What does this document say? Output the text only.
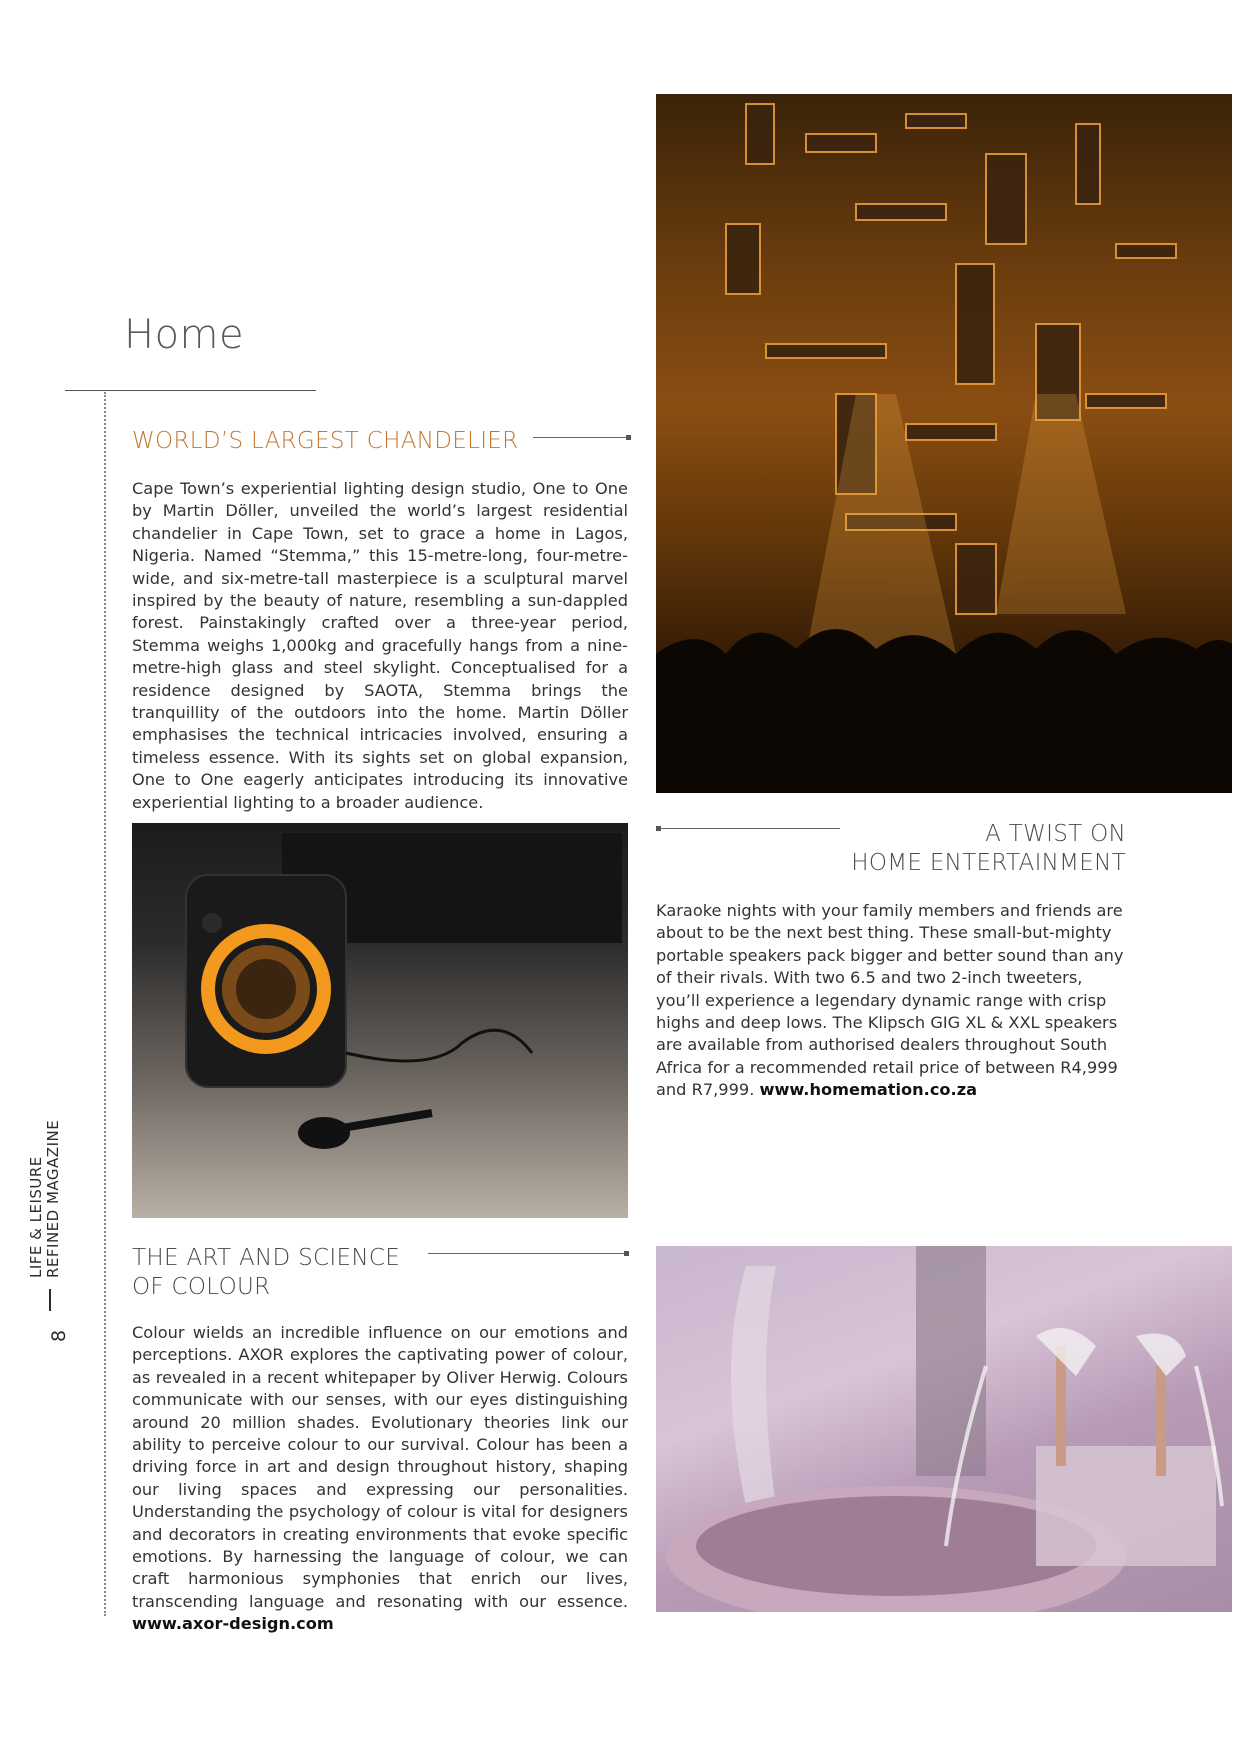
Home
LIFE & LEISURE REFINED MAGAZINE
8
WORLD’S LARGEST CHANDELIER
Cape Town’s experiential lighting design studio, One to One by Martin Döller, unveiled the world’s largest residential chandelier in Cape Town, set to grace a home in Lagos, Nigeria. Named “Stemma,” this 15-metre-long, four-metre-wide, and six-metre-tall masterpiece is a sculptural marvel inspired by the beauty of nature, resembling a sun-dappled forest. Painstakingly crafted over a three-year period, Stemma weighs 1,000kg and gracefully hangs from a nine-metre-high glass and steel skylight. Conceptualised for a residence designed by SAOTA, Stemma brings the tranquillity of the outdoors into the home. Martin Döller emphasises the technical intricacies involved, ensuring a timeless essence. With its sights set on global expansion, One to One eagerly anticipates introducing its innovative experiential lighting to a broader audience.
A TWIST ON
HOME ENTERTAINMENT
Karaoke nights with your family members and friends are about to be the next best thing. These small-but-mighty portable speakers pack bigger and better sound than any of their rivals. With two 6.5 and two 2-inch tweeters, you’ll experience a legendary dynamic range with crisp highs and deep lows. The Klipsch GIG XL & XXL speakers are available from authorised dealers throughout South Africa for a recommended retail price of between R4,999 and R7,999. www.homemation.co.za
THE ART AND SCIENCE
OF COLOUR
Colour wields an incredible influence on our emotions and perceptions. AXOR explores the captivating power of colour, as revealed in a recent whitepaper by Oliver Herwig. Colours communicate with our senses, with our eyes distinguishing around 20 million shades. Evolutionary theories link our ability to perceive colour to our survival. Colour has been a driving force in art and design throughout history, shaping our living spaces and expressing our personalities. Understanding the psychology of colour is vital for designers and decorators in creating environments that evoke specific emotions. By harnessing the language of colour, we can craft harmonious symphonies that enrich our lives, transcending language and resonating with our essence. www.axor-design.com
